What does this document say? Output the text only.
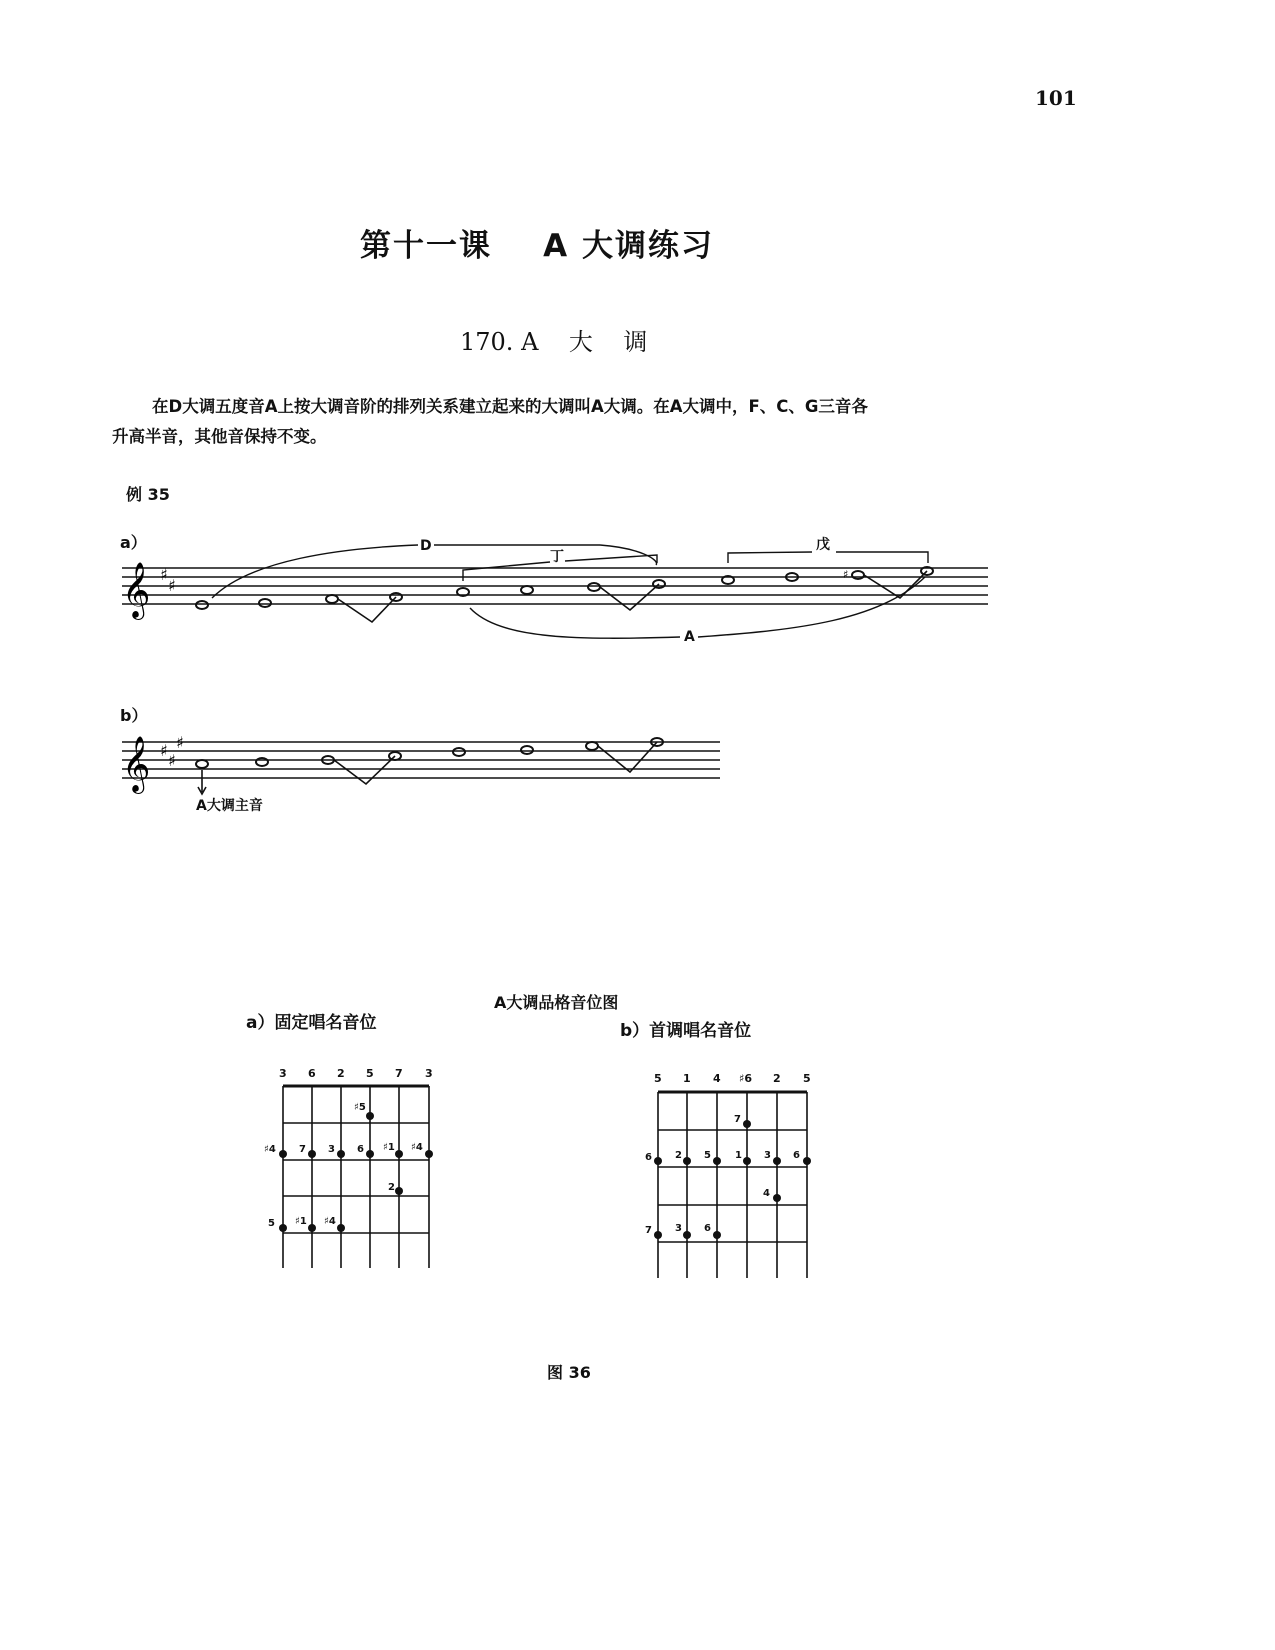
101
第十一课    A 大调练习
170. A    大    调
在D大调五度音A上按大调音阶的排列关系建立起来的大调叫A大调。在A大调中，F、C、G三音各
升高半音，其他音保持不变。
例 35
a）	D
丁
戊
A
b）
A大调主音
A大调品格音位图
a）固定唱名音位	b）首调唱名音位
图 36
𝄞 ♯
♯
𝄞 ♯
♯
♯
♯
3 6 2 5 7 3
♯5
♯4 7 3 6 ♯1 ♯4
2
5 ♯1 ♯4
5 1 4 ♯6 2 5
7
6 2 5 1 3 6
4
7 3 6
